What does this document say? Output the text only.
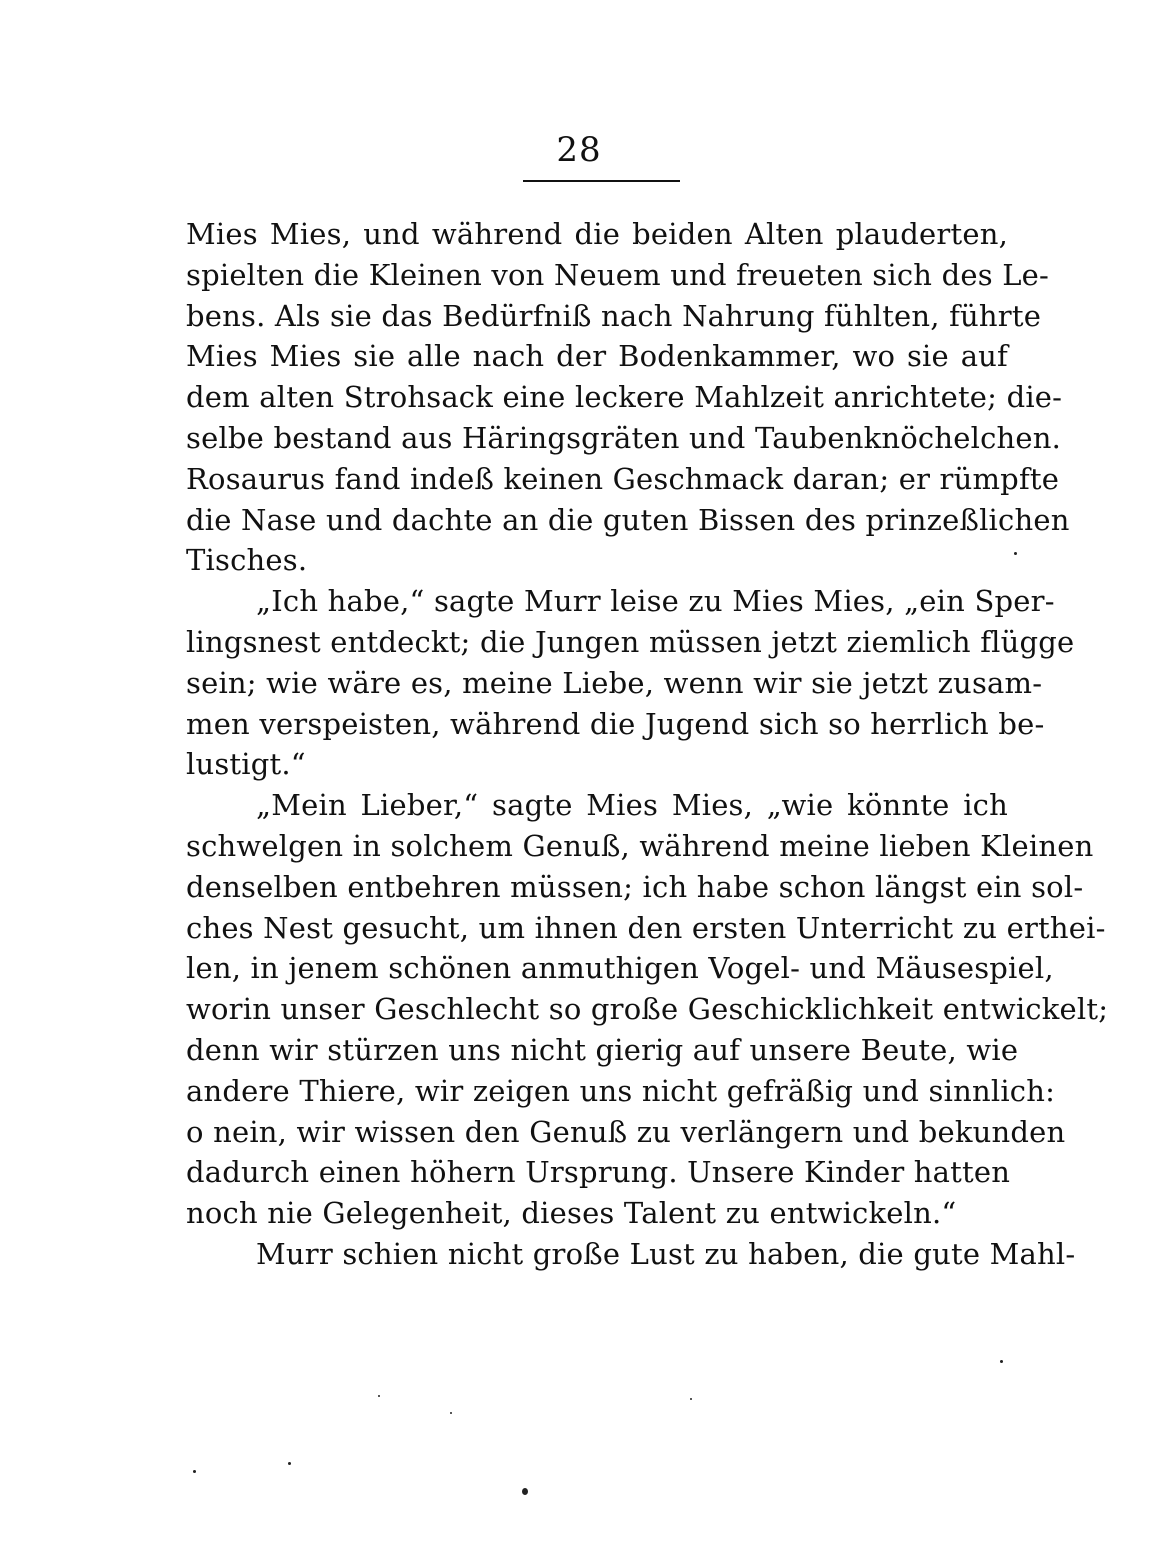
28
Mies Mies, und während die beiden Alten plauderten,
spielten die Kleinen von Neuem und freueten sich des Le-
bens. Als sie das Bedürfniß nach Nahrung fühlten, führte
Mies Mies sie alle nach der Bodenkammer, wo sie auf
dem alten Strohsack eine leckere Mahlzeit anrichtete; die-
selbe bestand aus Häringsgräten und Taubenknöchelchen.
Rosaurus fand indeß keinen Geschmack daran; er rümpfte
die Nase und dachte an die guten Bissen des prinzeßlichen
Tisches.
„Ich habe,“ sagte Murr leise zu Mies Mies, „ein Sper-
lingsnest entdeckt; die Jungen müssen jetzt ziemlich flügge
sein; wie wäre es, meine Liebe, wenn wir sie jetzt zusam-
men verspeisten, während die Jugend sich so herrlich be-
lustigt.“
„Mein Lieber,“ sagte Mies Mies, „wie könnte ich
schwelgen in solchem Genuß, während meine lieben Kleinen
denselben entbehren müssen; ich habe schon längst ein sol-
ches Nest gesucht, um ihnen den ersten Unterricht zu erthei-
len, in jenem schönen anmuthigen Vogel- und Mäusespiel,
worin unser Geschlecht so große Geschicklichkeit entwickelt;
denn wir stürzen uns nicht gierig auf unsere Beute, wie
andere Thiere, wir zeigen uns nicht gefräßig und sinnlich:
o nein, wir wissen den Genuß zu verlängern und bekunden
dadurch einen höhern Ursprung. Unsere Kinder hatten
noch nie Gelegenheit, dieses Talent zu entwickeln.“
Murr schien nicht große Lust zu haben, die gute Mahl-
